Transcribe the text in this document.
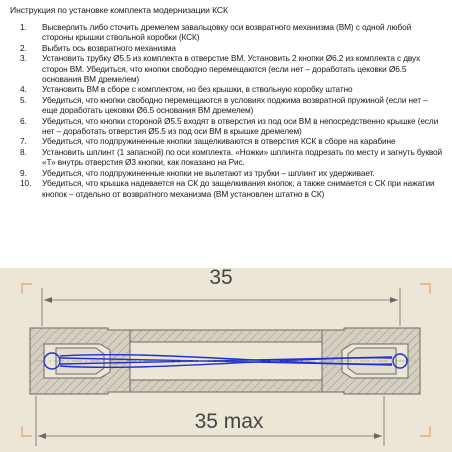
Инструкция по установке комплекта модернизации КСК
1.	Высверлить либо сточить дремелем завальцовку оси возвратного механизма (ВМ) с одной любой стороны крышки ствольной коробки (КСК)
2.	Выбить ось возвратного механизма
3.	Установить трубку Ø5.5 из комплекта в отверстие ВМ. Установить 2 кнопки Ø6.2 из комплекта с двух сторон ВМ. Убедиться, что кнопки свободно перемещаются (если нет – доработать цековки Ø6.5 основания ВМ дремелем)
4.	Установить ВМ в сборе с комплектом, но без крышки, в ствольную коробку штатно
5.	Убедиться, что кнопки свободно перемещаются в условиях поджима возвратной пружиной (если нет – еще доработать цековки Ø6.5 основания ВМ дремелем)
6.	Убедиться, что кнопки стороной Ø5.5 входят в отверстия из под оси ВМ в непосредственно крышке (если нет – доработать отверстия Ø5.5 из под оси ВМ в крышке дремелем)
7.	Убедиться, что подпружиненные кнопки защелкиваются в отверстия КСК в сборе на карабине
8.	Установить шплинт (1 запасной) по оси комплекта. «Ножки» шплинта подрезать по месту и загнуть буквой «Т» внутрь отверстия Ø3 кнопки, как показано на Рис.
9.	Убедиться, что подпружиненные кнопки не вылетают из трубки – шплинт их удерживает.
10.	Убедиться, что крышка надевается на СК до защелкивания кнопок, а также снимается с СК при нажатии кнопок – отдельно от возвратного механизма (ВМ установлен штатно в СК)
35
35 max
